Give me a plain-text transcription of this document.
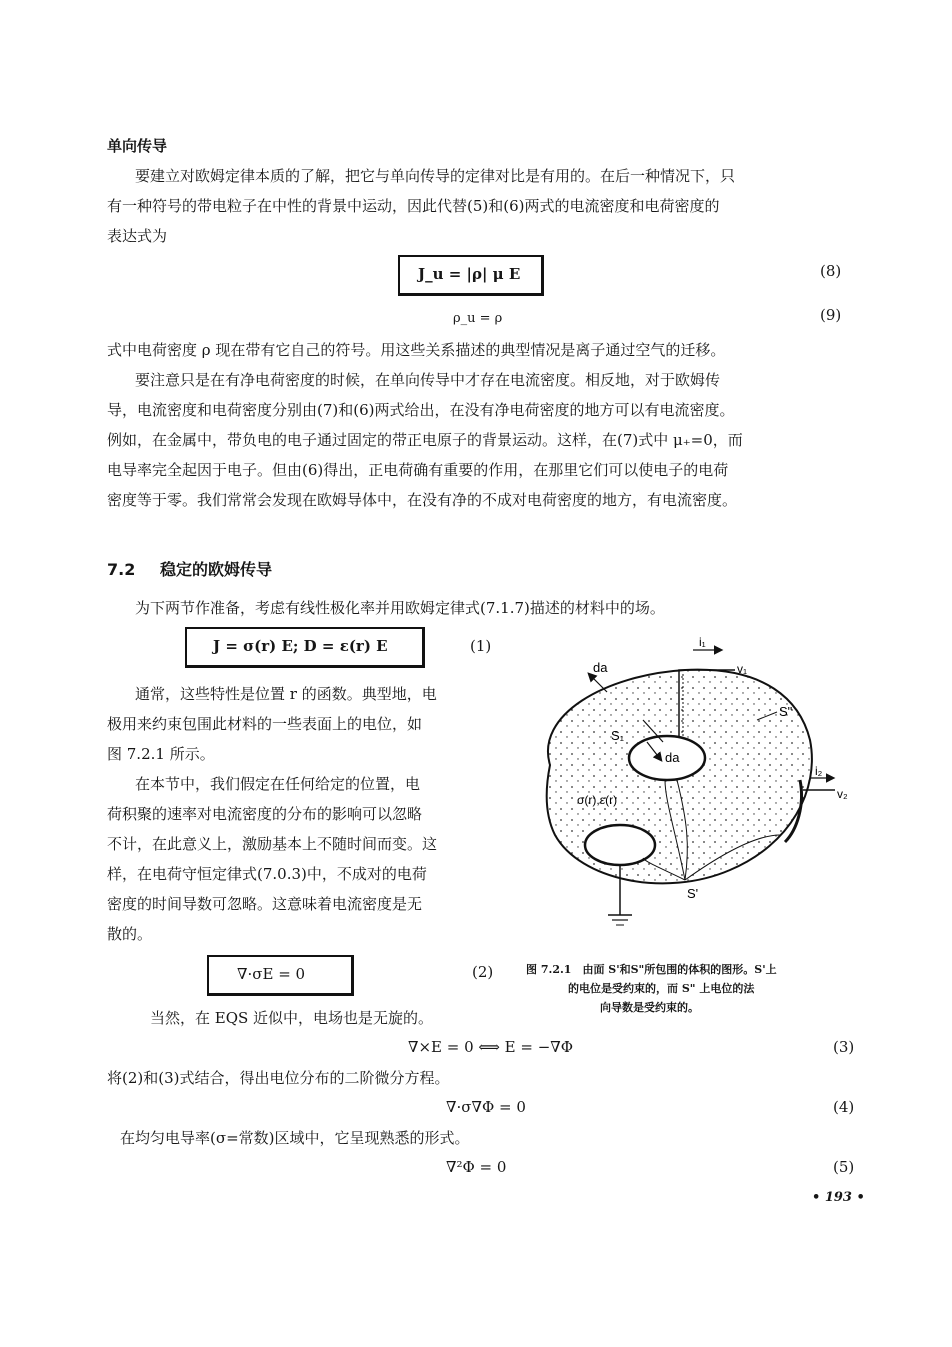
单向传导
要建立对欧姆定律本质的了解，把它与单向传导的定律对比是有用的。在后一种情况下，只
有一种符号的带电粒子在中性的背景中运动，因此代替(5)和(6)两式的电流密度和电荷密度的
表达式为
J_u = |ρ| μ E	(8)
ρ_u = ρ	(9)
式中电荷密度 ρ 现在带有它自己的符号。用这些关系描述的典型情况是离子通过空气的迁移。
要注意只是在有净电荷密度的时候，在单向传导中才存在电流密度。相反地，对于欧姆传
导，电流密度和电荷密度分别由(7)和(6)两式给出，在没有净电荷密度的地方可以有电流密度。
例如，在金属中，带负电的电子通过固定的带正电原子的背景运动。这样，在(7)式中 μ₊=0，而
电导率完全起因于电子。但由(6)得出，正电荷确有重要的作用，在那里它们可以使电子的电荷
密度等于零。我们常常会发现在欧姆导体中，在没有净的不成对电荷密度的地方，有电流密度。
7.2 稳定的欧姆传导
为下两节作准备，考虑有线性极化率并用欧姆定律式(7.1.7)描述的材料中的场。
J = σ(r) E; D = ε(r) E	(1)
通常，这些特性是位置 r 的函数。典型地，电
极用来约束包围此材料的一些表面上的电位，如
图 7.2.1 所示。
在本节中，我们假定在任何给定的位置，电
荷积聚的速率对电流密度的分布的影响可以忽略
不计，在此意义上，激励基本上不随时间而变。这
样，在电荷守恒定律式(7.0.3)中，不成对的电荷
密度的时间导数可忽略。这意味着电流密度是无
散的。
∇·σE = 0	(2)
当然，在 EQS 近似中，电场也是无旋的。
∇×E = 0 ⟺ E = −∇Φ	(3)
将(2)和(3)式结合，得出电位分布的二阶微分方程。
∇·σ∇Φ = 0	(4)
在均匀电导率(σ=常数)区域中，它呈现熟悉的形式。
∇²Φ = 0	(5)
• 193 •
da
da
S₁
S"
S'
σ(r),ε(r)
i₁
v₁
i₂
v₂
图 7.2.1　由面 S'和S"所包围的体积的图形。S'上
的电位是受约束的，而 S" 上电位的法
向导数是受约束的。
